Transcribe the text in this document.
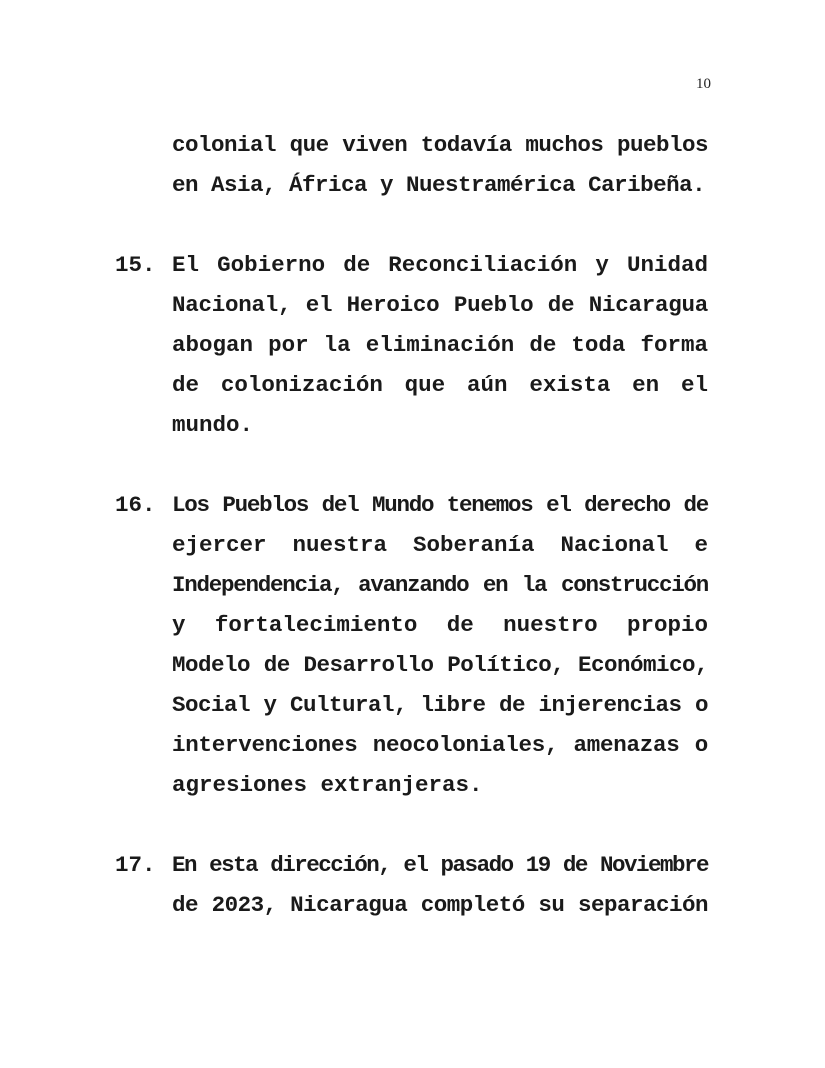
10
colonial que viven todavía muchos pueblos
en Asia, África y Nuestramérica Caribeña.
15. El Gobierno de Reconciliación y Unidad
Nacional, el Heroico Pueblo de Nicaragua
abogan por la eliminación de toda forma
de colonización que aún exista en el
mundo.
16. Los Pueblos del Mundo tenemos el derecho de
ejercer nuestra Soberanía Nacional e
Independencia, avanzando en la construcción
y fortalecimiento de nuestro propio
Modelo de Desarrollo Político, Económico,
Social y Cultural, libre de injerencias o
intervenciones neocoloniales, amenazas o
agresiones extranjeras.
17. En esta dirección, el pasado 19 de Noviembre
de 2023, Nicaragua completó su separación
